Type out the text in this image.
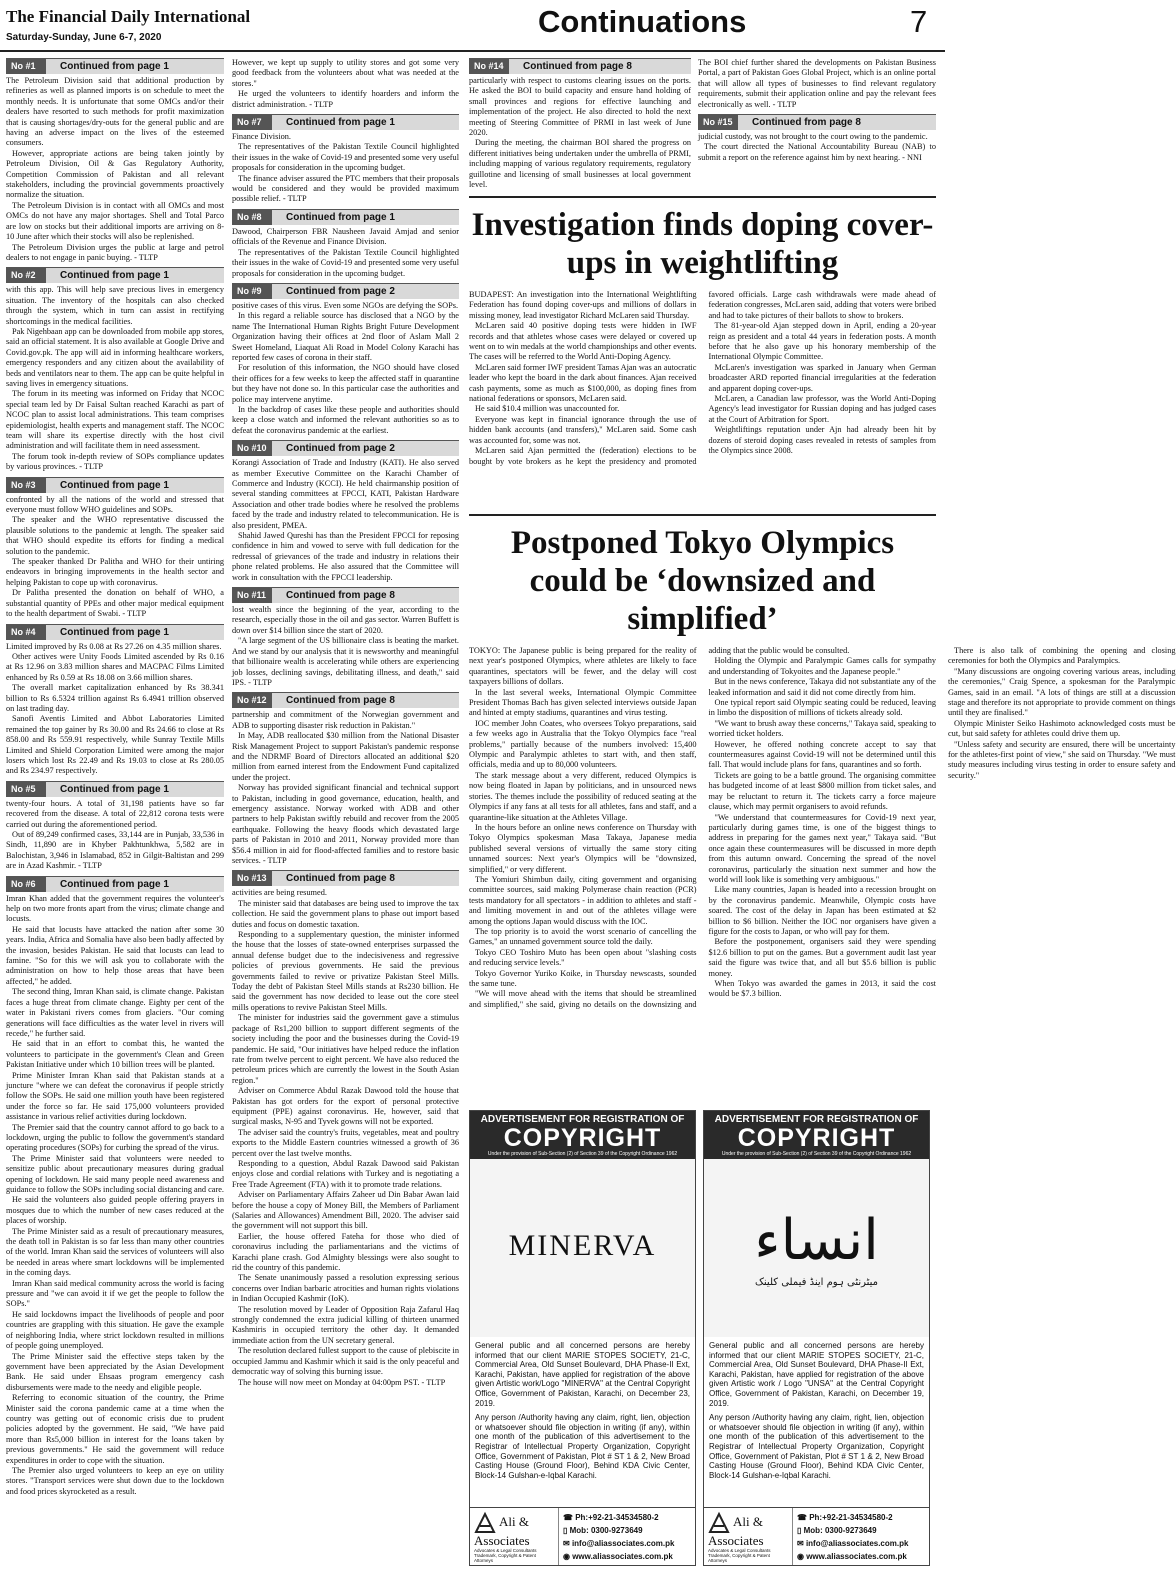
The Financial Daily International
Saturday-Sunday, June 6-7, 2020	Continuations	7
No #1	Continued from page 1

The Petroleum Division said that additional production by refineries as well as planned imports is on schedule to meet the monthly needs. It is unfortunate that some OMCs and/or their dealers have resorted to such methods for profit maximization that is causing shortages/dry-outs for the general public and are having an adverse impact on the lives of the esteemed consumers.

However, appropriate actions are being taken jointly by Petroleum Division, Oil & Gas Regulatory Authority, Competition Commission of Pakistan and all relevant stakeholders, including the provincial governments proactively normalize the situation.

The Petroleum Division is in contact with all OMCs and most OMCs do not have any major shortages. Shell and Total Parco are low on stocks but their additional imports are arriving on 8-10 June after which their stocks will also be replenished.

The Petroleum Division urges the public at large and petrol dealers to not engage in panic buying. - TLTP

No #2	Continued from page 1

with this app. This will help save precious lives in emergency situation. The inventory of the hospitals can also checked through the system, which in turn can assist in rectifying shortcomings in the medical facilities.

Pak Nigehbaan app can be downloaded from mobile app stores, said an official statement. It is also available at Google Drive and Covid.gov.pk. The app will aid in informing healthcare workers, emergency responders and any citizen about the availability of beds and ventilators near to them. The app can be quite helpful in saving lives in emergency situations.

The forum in its meeting was informed on Friday that NCOC special team led by Dr Faisal Sultan reached Karachi as part of NCOC plan to assist local administrations. This team comprises epidemiologist, health experts and management staff. The NCOC team will share its expertise directly with the host civil administration and will facilitate them in need assessment.

The forum took in-depth review of SOPs compliance updates by various provinces. - TLTP

No #3	Continued from page 1

confronted by all the nations of the world and stressed that everyone must follow WHO guidelines and SOPs.

The speaker and the WHO representative discussed the plausible solutions to the pandemic at length. The speaker said that WHO should expedite its efforts for finding a medical solution to the pandemic.

The speaker thanked Dr Palitha and WHO for their untiring endeavors in bringing improvements in the health sector and helping Pakistan to cope up with coronavirus.

Dr Palitha presented the donation on behalf of WHO, a substantial quantity of PPEs and other major medical equipment to the health department of Swabi. - TLTP

No #4	Continued from page 1

Limited improved by Rs 0.08 at Rs 27.26 on 4.35 million shares.

Other actives were Unity Foods Limited ascended by Rs 0.16 at Rs 12.96 on 3.83 million shares and MACPAC Films Limited enhanced by Rs 0.59 at Rs 18.08 on 3.66 million shares.

The overall market capitalization enhanced by Rs 38.341 billion to Rs 6.5324 trillion against Rs 6.4941 trillion observed on last trading day.

Sanofi Aventis Limited and Abbot Laboratories Limited remained the top gainer by Rs 30.00 and Rs 24.66 to close at Rs 858.00 and Rs 559.91 respectively, while Sunray Textile Mills Limited and Shield Corporation Limited were among the major losers which lost Rs 22.49 and Rs 19.03 to close at Rs 280.05 and Rs 234.97 respectively.

No #5	Continued from page 1

twenty-four hours. A total of 31,198 patients have so far recovered from the disease. A total of 22,812 corona tests were carried out during the aforementioned period.

Out of 89,249 confirmed cases, 33,144 are in Punjab, 33,536 in Sindh, 11,890 are in Khyber Pakhtunkhwa, 5,582 are in Balochistan, 3,946 in Islamabad, 852 in Gilgit-Baltistan and 299 are in Azad Kashmir. - TLTP

No #6	Continued from page 1

Imran Khan added that the government requires the volunteer's help on two more fronts apart from the virus; climate change and locusts.

He said that locusts have attacked the nation after some 30 years. India, Africa and Somalia have also been badly affected by the invasion, besides Pakistan. He said that locusts can lead to famine. "So for this we will ask you to collaborate with the administration on how to help those areas that have been affected," he added.

The second thing, Imran Khan said, is climate change. Pakistan faces a huge threat from climate change. Eighty per cent of the water in Pakistani rivers comes from glaciers. "Our coming generations will face difficulties as the water level in rivers will recede," he further said.

He said that in an effort to combat this, he wanted the volunteers to participate in the government's Clean and Green Pakistan Initiative under which 10 billion trees will be planted.

Prime Minister Imran Khan said that Pakistan stands at a juncture "where we can defeat the coronavirus if people strictly follow the SOPs. He said one million youth have been registered under the force so far. He said 175,000 volunteers provided assistance in various relief activities during lockdown.

The Premier said that the country cannot afford to go back to a lockdown, urging the public to follow the government's standard operating procedures (SOPs) for curbing the spread of the virus.

The Prime Minister said that volunteers were needed to sensitize public about precautionary measures during gradual opening of lockdown. He said many people need awareness and guidance to follow the SOPs including social distancing and care.

He said the volunteers also guided people offering prayers in mosques due to which the number of new cases reduced at the places of worship.

The Prime Minister said as a result of precautionary measures, the death toll in Pakistan is so far less than many other countries of the world. Imran Khan said the services of volunteers will also be needed in areas where smart lockdowns will be implemented in the coming days.

Imran Khan said medical community across the world is facing pressure and "we can avoid it if we get the people to follow the SOPs."

He said lockdowns impact the livelihoods of people and poor countries are grappling with this situation. He gave the example of neighboring India, where strict lockdown resulted in millions of people going unemployed.

The Prime Minister said the effective steps taken by the government have been appreciated by the Asian Development Bank. He said under Ehsaas program emergency cash disbursements were made to the needy and eligible people.

Referring to economic situation of the country, the Prime Minister said the corona pandemic came at a time when the country was getting out of economic crisis due to prudent policies adopted by the government. He said, "We have paid more than Rs5,000 billion in interest for the loans taken by previous governments." He said the government will reduce expenditures in order to cope with the situation.

The Premier also urged volunteers to keep an eye on utility stores. "Transport services were shut down due to the lockdown and food prices skyrocketed as a result.

However, we kept up supply to utility stores and got some very good feedback from the volunteers about what was needed at the stores."

He urged the volunteers to identify hoarders and inform the district administration. - TLTP

No #7	Continued from page 1

Finance Division.

The representatives of the Pakistan Textile Council highlighted their issues in the wake of Covid-19 and presented some very useful proposals for consideration in the upcoming budget.

The finance adviser assured the PTC members that their proposals would be considered and they would be provided maximum possible relief. - TLTP

No #8	Continued from page 1

Dawood, Chairperson FBR Nausheen Javaid Amjad and senior officials of the Revenue and Finance Division.

The representatives of the Pakistan Textile Council highlighted their issues in the wake of Covid-19 and presented some very useful proposals for consideration in the upcoming budget.

No #9	Continued from page 2

positive cases of this virus. Even some NGOs are defying the SOPs.

In this regard a reliable source has disclosed that a NGO by the name The International Human Rights Bright Future Development Organization having their offices at 2nd floor of Aslam Mall 2 Sweet Homeland, Liaquat Ali Road in Model Colony Karachi has reported few cases of corona in their staff.

For resolution of this information, the NGO should have closed their offices for a few weeks to keep the affected staff in quarantine but they have not done so. In this particular case the authorities and police may intervene anytime.

In the backdrop of cases like these people and authorities should keep a close watch and informed the relevant authorities so as to defeat the coronavirus pandemic at the earliest.

No #10	Continued from page 2

Korangi Association of Trade and Industry (KATI). He also served as member Executive Committee on the Karachi Chamber of Commerce and Industry (KCCI). He held chairmanship position of several standing committees at FPCCI, KATI, Pakistan Hardware Association and other trade bodies where he resolved the problems faced by the trade and industry related to telecommunication. He is also president, PMEA.

Shahid Jawed Qureshi has than the President FPCCI for reposing confidence in him and vowed to serve with full dedication for the redressal of grievances of the trade and industry in relations their phone related problems. He also assured that the Committee will work in consultation with the FPCCI leadership.

No #11	Continued from page 8

lost wealth since the beginning of the year, according to the research, especially those in the oil and gas sector. Warren Buffett is down over $14 billion since the start of 2020.

"A large segment of the US billionaire class is beating the market. And we stand by our analysis that it is newsworthy and meaningful that billionaire wealth is accelerating while others are experiencing job losses, declining savings, debilitating illness, and death," said IPS. - TLTP

No #12	Continued from page 8

partnership and commitment of the Norwegian government and ADB to supporting disaster risk reduction in Pakistan."

In May, ADB reallocated $30 million from the National Disaster Risk Management Project to support Pakistan's pandemic response and the NDRMF Board of Directors allocated an additional $20 million from earned interest from the Endowment Fund capitalized under the project.

Norway has provided significant financial and technical support to Pakistan, including in good governance, education, health, and emergency assistance. Norway worked with ADB and other partners to help Pakistan swiftly rebuild and recover from the 2005 earthquake. Following the heavy floods which devastated large parts of Pakistan in 2010 and 2011, Norway provided more than $56.4 million in aid for flood-affected families and to restore basic services. - TLTP

No #13	Continued from page 8

activities are being resumed.

The minister said that databases are being used to improve the tax collection. He said the government plans to phase out import based duties and focus on domestic taxation.

Responding to a supplementary question, the minister informed the house that the losses of state-owned enterprises surpassed the annual defense budget due to the indecisiveness and regressive policies of previous governments. He said the previous governments failed to revive or privatize Pakistan Steel Mills. Today the debt of Pakistan Steel Mills stands at Rs230 billion. He said the government has now decided to lease out the core steel mills operations to revive Pakistan Steel Mills.

The minister for industries said the government gave a stimulus package of Rs1,200 billion to support different segments of the society including the poor and the businesses during the Covid-19 pandemic. He said, "Our initiatives have helped reduce the inflation rate from twelve percent to eight percent. We have also reduced the petroleum prices which are currently the lowest in the South Asian region."

Adviser on Commerce Abdul Razak Dawood told the house that Pakistan has got orders for the export of personal protective equipment (PPE) against coronavirus. He, however, said that surgical masks, N-95 and Tyvek gowns will not be exported.

The adviser said the country's fruits, vegetables, meat and poultry exports to the Middle Eastern countries witnessed a growth of 36 percent over the last twelve months.

Responding to a question, Abdul Razak Dawood said Pakistan enjoys close and cordial relations with Turkey and is negotiating a Free Trade Agreement (FTA) with it to promote trade relations.

Adviser on Parliamentary Affairs Zaheer ud Din Babar Awan laid before the house a copy of Money Bill, the Members of Parliament (Salaries and Allowances) Amendment Bill, 2020. The adviser said the government will not support this bill.

Earlier, the house offered Fateha for those who died of coronavirus including the parliamentarians and the victims of Karachi plane crash. God Almighty blessings were also sought to rid the country of this pandemic.

The Senate unanimously passed a resolution expressing serious concerns over Indian barbaric atrocities and human rights violations in Indian Occupied Kashmir (IoK).

The resolution moved by Leader of Opposition Raja Zafarul Haq strongly condemned the extra judicial killing of thirteen unarmed Kashmiris in occupied territory the other day. It demanded immediate action from the UN secretary general.

The resolution declared fullest support to the cause of plebiscite in occupied Jammu and Kashmir which it said is the only peaceful and democratic way of solving this burning issue.

The house will now meet on Monday at 04:00pm PST. - TLTP

No #14	Continued from page 8

particularly with respect to customs clearing issues on the ports. He asked the BOI to build capacity and ensure hand holding of small provinces and regions for effective launching and implementation of the project. He also directed to hold the next meeting of Steering Committee of PRMI in last week of June 2020.

During the meeting, the chairman BOI shared the progress on different initiatives being undertaken under the umbrella of PRMI, including mapping of various regulatory requirements, regulatory guillotine and licensing of small businesses at local government level.

The BOI chief further shared the developments on Pakistan Business Portal, a part of Pakistan Goes Global Project, which is an online portal that will allow all types of businesses to find relevant regulatory requirements, submit their application online and pay the relevant fees electronically as well. - TLTP

No #15	Continued from page 8

judicial custody, was not brought to the court owing to the pandemic.

The court directed the National Accountability Bureau (NAB) to submit a report on the reference against him by next hearing. - NNI

Investigation finds doping cover-ups in weightlifting

BUDAPEST: An investigation into the International Weightlifting Federation has found doping cover-ups and millions of dollars in missing money, lead investigator Richard McLaren said Thursday.

McLaren said 40 positive doping tests were hidden in IWF records and that athletes whose cases were delayed or covered up went on to win medals at the world championships and other events. The cases will be referred to the World Anti-Doping Agency.

McLaren said former IWF president Tamas Ajan was an autocratic leader who kept the board in the dark about finances. Ajan received cash payments, some as much as $100,000, as doping fines from national federations or sponsors, McLaren said.

He said $10.4 million was unaccounted for.

Everyone was kept in financial ignorance through the use of hidden bank accounts (and transfers)," McLaren said. Some cash was accounted for, some was not.

McLaren said Ajan permitted the (federation) elections to be bought by vote brokers as he kept the presidency and promoted favored officials. Large cash withdrawals were made ahead of federation congresses, McLaren said, adding that voters were bribed and had to take pictures of their ballots to show to brokers.

The 81-year-old Ajan stepped down in April, ending a 20-year reign as president and a total 44 years in federation posts. A month before that he also gave up his honorary membership of the International Olympic Committee.

McLaren's investigation was sparked in January when German broadcaster ARD reported financial irregularities at the federation and apparent doping cover-ups.

McLaren, a Canadian law professor, was the World Anti-Doping Agency's lead investigator for Russian doping and has judged cases at the Court of Arbitration for Sport.

Weightliftings reputation under Ajn had already been hit by dozens of steroid doping cases revealed in retests of samples from the Olympics since 2008.

Postponed Tokyo Olympics could be ‘downsized and simplified’

TOKYO: The Japanese public is being prepared for the reality of next year's postponed Olympics, where athletes are likely to face quarantines, spectators will be fewer, and the delay will cost taxpayers billions of dollars.

In the last several weeks, International Olympic Committee President Thomas Bach has given selected interviews outside Japan and hinted at empty stadiums, quarantines and virus testing.

IOC member John Coates, who oversees Tokyo preparations, said a few weeks ago in Australia that the Tokyo Olympics face "real problems," partially because of the numbers involved: 15,400 Olympic and Paralympic athletes to start with, and then staff, officials, media and up to 80,000 volunteers.

The stark message about a very different, reduced Olympics is now being floated in Japan by politicians, and in unsourced news stories. The themes include the possibility of reduced seating at the Olympics if any fans at all tests for all athletes, fans and staff, and a quarantine-like situation at the Athletes Village.

In the hours before an online news conference on Thursday with Tokyo Olympics spokesman Masa Takaya, Japanese media published several versions of virtually the same story citing unnamed sources: Next year's Olympics will be "downsized, simplified," or very different.

The Yomiuri Shimbun daily, citing government and organising committee sources, said making Polymerase chain reaction (PCR) tests mandatory for all spectators - in addition to athletes and staff - and limiting movement in and out of the athletes village were among the options Japan would discuss with the IOC.

The top priority is to avoid the worst scenario of cancelling the Games," an unnamed government source told the daily.

Tokyo CEO Toshiro Muto has been open about "slashing costs and reducing service levels."

Tokyo Governor Yuriko Koike, in Thursday newscasts, sounded the same tune.

"We will move ahead with the items that should be streamlined and simplified," she said, giving no details on the downsizing and adding that the public would be consulted.

Holding the Olympic and Paralympic Games calls for sympathy and understanding of Tokyoites and the Japanese people."

But in the news conference, Takaya did not substantiate any of the leaked information and said it did not come directly from him.

One typical report said Olympic seating could be reduced, leaving in limbo the disposition of millions of tickets already sold.

"We want to brush away these concerns," Takaya said, speaking to worried ticket holders.

However, he offered nothing concrete accept to say that countermeasures against Covid-19 will not be determined until this fall. That would include plans for fans, quarantines and so forth.

Tickets are going to be a battle ground. The organising committee has budgeted income of at least $800 million from ticket sales, and may be reluctant to return it. The tickets carry a force majeure clause, which may permit organisers to avoid refunds.

"We understand that countermeasures for Covid-19 next year, particularly during games time, is one of the biggest things to address in preparing for the games next year," Takaya said. "But once again these countermeasures will be discussed in more depth from this autumn onward. Concerning the spread of the novel coronavirus, particularly the situation next summer and how the world will look like is something very ambiguous."

Like many countries, Japan is headed into a recession brought on by the coronavirus pandemic. Meanwhile, Olympic costs have soared. The cost of the delay in Japan has been estimated at $2 billion to $6 billion. Neither the IOC nor organisers have given a figure for the costs to Japan, or who will pay for them.

Before the postponement, organisers said they were spending $12.6 billion to put on the games. But a government audit last year said the figure was twice that, and all but $5.6 billion is public money.

When Tokyo was awarded the games in 2013, it said the cost would be $7.3 billion.

There is also talk of combining the opening and closing ceremonies for both the Olympics and Paralympics.

"Many discussions are ongoing covering various areas, including the ceremonies," Craig Spence, a spokesman for the Paralympic Games, said in an email. "A lots of things are still at a discussion stage and therefore its not appropriate to provide comment on things until they are finalised."

Olympic Minister Seiko Hashimoto acknowledged costs must be cut, but said safety for athletes could drive them up.

"Unless safety and security are ensured, there will be uncertainty for the athletes-first point of view," she said on Thursday. "We must study measures including virus testing in order to ensure safety and security."

ADVERTISEMENT FOR REGISTRATION OF
COPYRIGHT
Under the provision of Sub-Section (2) of Section 39 of the Copyright Ordinance 1962
MINERVA

General public and all concerned persons are hereby informed that our client MARIE STOPES SOCIETY, 21-C, Commercial Area, Old Sunset Boulevard, DHA Phase-II Ext, Karachi, Pakistan, have applied for registration of the above given Artistic work/Logo "MINERVA" at the Central Copyright Office, Government of Pakistan, Karachi, on December 23, 2019.

Any person /Authority having any claim, right, lien, objection or whatsoever should file objection in writing (if any), within one month of the publication of this advertisement to the Registrar of Intellectual Property Organization, Copyright Office, Government of Pakistan, Plot # ST 1 & 2, New Broad Casting House (Ground Floor), Behind KDA Civic Center, Block-14 Gulshan-e-Iqbal Karachi.

Ali & Associates
Advocates & Legal Consultants Trademark, Copyright & Patent Attorneys
☎ Ph:+92-21-34534580-2
▯ Mob: 0300-9273649
✉ info@aliassociates.com.pk
◉ www.aliassociates.com.pk
ADVERTISEMENT FOR REGISTRATION OF
COPYRIGHT
Under the provision of Sub-Section (2) of Section 39 of the Copyright Ordinance 1962
انساء
میٹرنٹی ہوم اینڈ فیملی کلینک

General public and all concerned persons are hereby informed that our client MARIE STOPES SOCIETY, 21-C, Commercial Area, Old Sunset Boulevard, DHA Phase-II Ext, Karachi, Pakistan, have applied for registration of the above given Artistic work / Logo "UNSA" at the Central Copyright Office, Government of Pakistan, Karachi, on December 19, 2019.

Any person /Authority having any claim, right, lien, objection or whatsoever should file objection in writing (if any), within one month of the publication of this advertisement to the Registrar of Intellectual Property Organization, Copyright Office, Government of Pakistan, Plot # ST 1 & 2, New Broad Casting House (Ground Floor), Behind KDA Civic Center, Block-14 Gulshan-e-Iqbal Karachi.

Ali & Associates
Advocates & Legal Consultants Trademark, Copyright & Patent Attorneys
☎ Ph:+92-21-34534580-2
▯ Mob: 0300-9273649
✉ info@aliassociates.com.pk
◉ www.aliassociates.com.pk
